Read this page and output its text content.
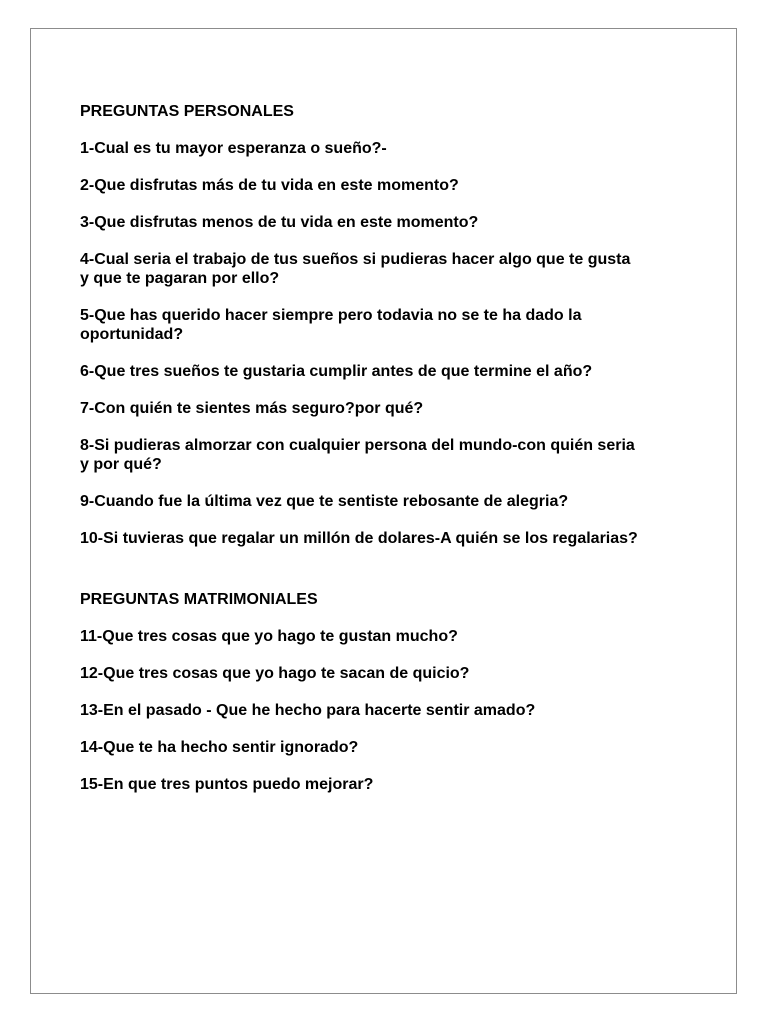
PREGUNTAS PERSONALES
1-Cual es tu mayor esperanza o sueño?-
2-Que disfrutas más de tu vida en este momento?
3-Que disfrutas menos de tu vida en este momento?
4-Cual seria el trabajo de tus sueños si pudieras hacer algo que te gusta y que te pagaran por ello?
5-Que has querido hacer siempre pero todavia no se te ha dado la oportunidad?
6-Que tres sueños te gustaria cumplir antes de que termine el año?
7-Con quién te sientes más seguro?por qué?
8-Si pudieras almorzar con cualquier persona del mundo-con quién seria y por qué?
9-Cuando fue la última vez que te sentiste rebosante de alegria?
10-Si tuvieras que regalar un millón de dolares-A quién se los regalarias?
PREGUNTAS MATRIMONIALES
11-Que tres cosas que yo hago te gustan mucho?
12-Que tres cosas que yo hago te sacan de quicio?
13-En el pasado - Que he hecho para hacerte sentir amado?
14-Que te ha hecho sentir ignorado?
15-En que tres puntos puedo mejorar?
